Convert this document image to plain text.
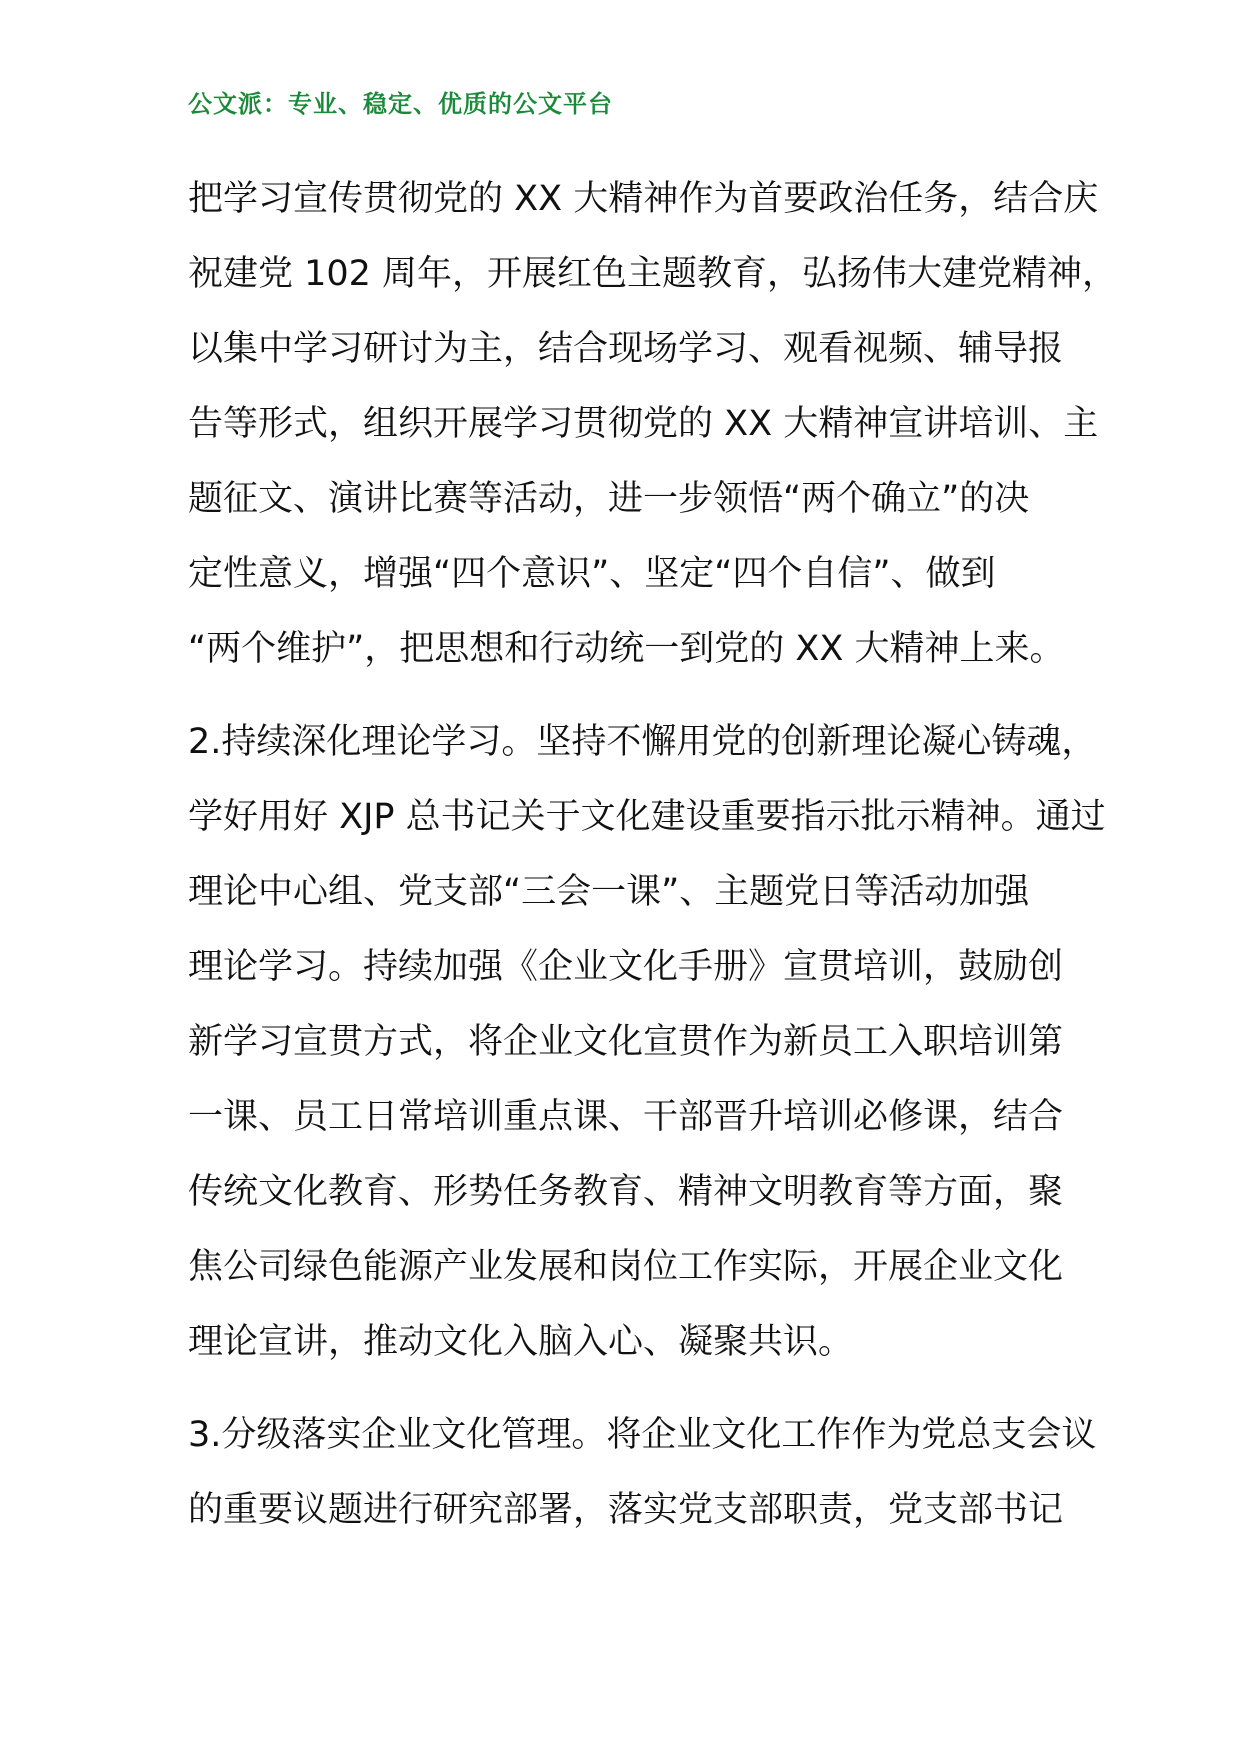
公文派：专业、稳定、优质的公文平台

把学习宣传贯彻党的 XX 大精神作为首要政治任务，结合庆
祝建党 102 周年，开展红色主题教育，弘扬伟大建党精神，
以集中学习研讨为主，结合现场学习、观看视频、辅导报
告等形式，组织开展学习贯彻党的 XX 大精神宣讲培训、主
题征文、演讲比赛等活动，进一步领悟“两个确立”的决
定性意义，增强“四个意识”、坚定“四个自信”、做到
“两个维护”，把思想和行动统一到党的 XX 大精神上来。

2.持续深化理论学习。坚持不懈用党的创新理论凝心铸魂，
学好用好 XJP 总书记关于文化建设重要指示批示精神。通过
理论中心组、党支部“三会一课”、主题党日等活动加强
理论学习。持续加强《企业文化手册》宣贯培训，鼓励创
新学习宣贯方式，将企业文化宣贯作为新员工入职培训第
一课、员工日常培训重点课、干部晋升培训必修课，结合
传统文化教育、形势任务教育、精神文明教育等方面，聚
焦公司绿色能源产业发展和岗位工作实际，开展企业文化
理论宣讲，推动文化入脑入心、凝聚共识。

3.分级落实企业文化管理。将企业文化工作作为党总支会议
的重要议题进行研究部署，落实党支部职责，党支部书记
